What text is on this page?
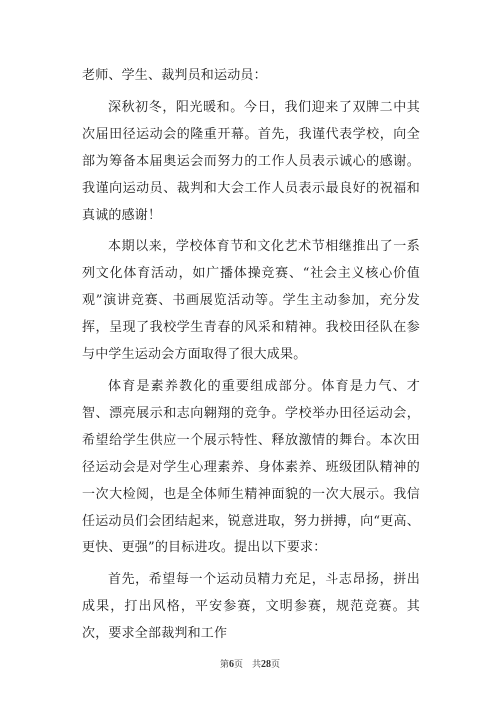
老师、学生、裁判员和运动员：

深秋初冬，阳光暖和。今日，我们迎来了双牌二中其次届田径运动会的隆重开幕。首先，我谨代表学校，向全部为筹备本届奥运会而努力的工作人员表示诚心的感谢。我谨向运动员、裁判和大会工作人员表示最良好的祝福和真诚的感谢！

本期以来，学校体育节和文化艺术节相继推出了一系列文化体育活动，如广播体操竞赛、“社会主义核心价值观”演讲竞赛、书画展览活动等。学生主动参加，充分发挥，呈现了我校学生青春的风采和精神。我校田径队在参与中学生运动会方面取得了很大成果。

体育是素养教化的重要组成部分。体育是力气、才智、漂亮展示和志向翱翔的竞争。学校举办田径运动会，希望给学生供应一个展示特性、释放激情的舞台。本次田径运动会是对学生心理素养、身体素养、班级团队精神的一次大检阅，也是全体师生精神面貌的一次大展示。我信任运动员们会团结起来，锐意进取，努力拼搏，向“更高、更快、更强”的目标进攻。提出以下要求：

首先，希望每一个运动员精力充足，斗志昂扬，拼出成果，打出风格，平安参赛，文明参赛，规范竞赛。其次，要求全部裁判和工作

第6页　共28页
